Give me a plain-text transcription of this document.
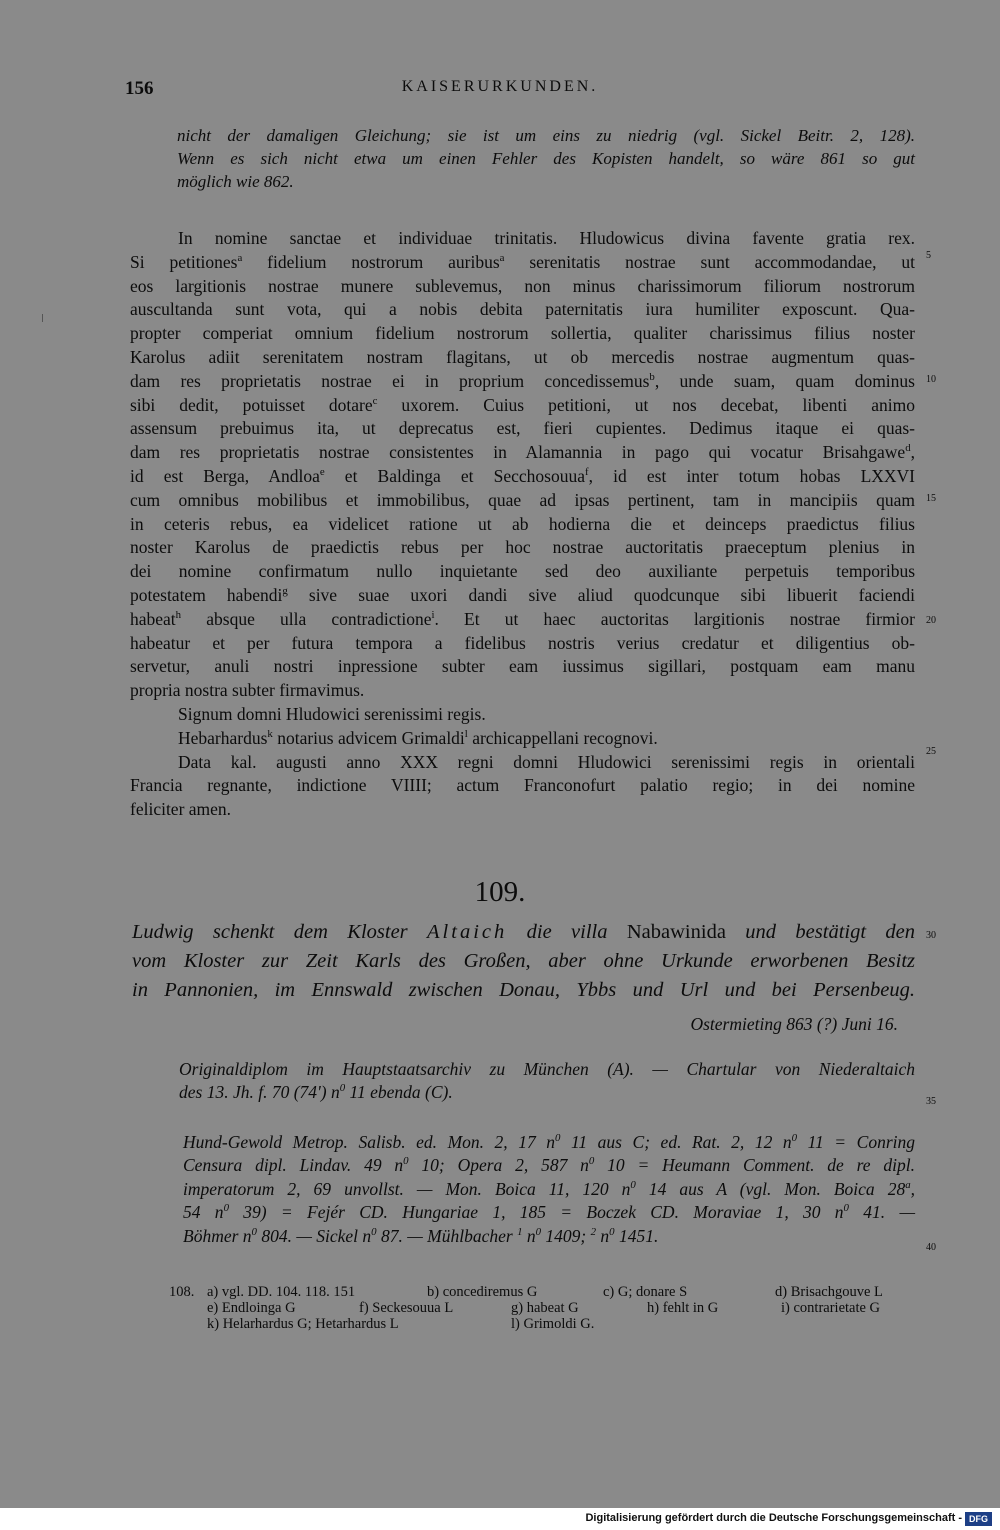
156	KAISERURKUNDEN.
nicht der damaligen Gleichung; sie ist um eins zu niedrig (vgl. Sickel Beitr. 2, 128).
Wenn es sich nicht etwa um einen Fehler des Kopisten handelt, so wäre 861 so gut
möglich wie 862.
In nomine sanctae et individuae trinitatis. Hludowicus divina favente gratia rex.
Si petitiones$^a$ fidelium nostrorum auribus$^a$ serenitatis nostrae sunt accommodandae, ut
eos largitionis nostrae munere sublevemus, non minus charissimorum filiorum nostrorum
auscultanda sunt vota, qui a nobis debita paternitatis iura humiliter exposcunt. Qua-
propter comperiat omnium fidelium nostrorum sollertia, qualiter charissimus filius noster
Karolus adiit serenitatem nostram flagitans, ut ob mercedis nostrae augmentum quas-
dam res proprietatis nostrae ei in proprium concedissemus$^b$, unde suam, quam dominus
sibi dedit, potuisset dotare$^c$ uxorem. Cuius petitioni, ut nos decebat, libenti animo
assensum prebuimus ita, ut deprecatus est, fieri cupientes. Dedimus itaque ei quas-
dam res proprietatis nostrae consistentes in Alamannia in pago qui vocatur Brisahgawe$^d$,
id est Berga, Andloa$^e$ et Baldinga et Secchosouua$^f$, id est inter totum hobas LXXVI
cum omnibus mobilibus et immobilibus, quae ad ipsas pertinent, tam in mancipiis quam
in ceteris rebus, ea videlicet ratione ut ab hodierna die et deinceps praedictus filius
noster Karolus de praedictis rebus per hoc nostrae auctoritatis praeceptum plenius in
dei nomine confirmatum nullo inquietante sed deo auxiliante perpetuis temporibus
potestatem habendi$^g$ sive suae uxori dandi sive aliud quodcunque sibi libuerit faciendi
habeat$^h$ absque ulla contradictione$^i$. Et ut haec auctoritas largitionis nostrae firmior
habeatur et per futura tempora a fidelibus nostris verius credatur et diligentius ob-
servetur, anuli nostri inpressione subter eam iussimus sigillari, postquam eam manu
propria nostra subter firmavimus.
Signum domni Hludowici serenissimi regis.
Hebarhardus$^k$ notarius advicem Grimaldi$^l$ archicappellani recognovi.
Data kal. augusti anno XXX regni domni Hludowici serenissimi regis in orientali
Francia regnante, indictione VIIII; actum Franconofurt palatio regio; in dei nomine
feliciter amen.
5
10
15
20
25
30
35
40
109.
Ludwig schenkt dem Kloster Altaich die villa Nabawinida und bestätigt den
vom Kloster zur Zeit Karls des Großen, aber ohne Urkunde erworbenen Besitz
in Pannonien, im Ennswald zwischen Donau, Ybbs und Url und bei Persenbeug.
Ostermieting 863 (?) Juni 16.
Originaldiplom im Hauptstaatsarchiv zu München (A). — Chartular von Niederaltaich
des 13. Jh. f. 70 (74') $n^0$ 11 ebenda (C).
Hund-Gewold Metrop. Salisb. ed. Mon. 2, 17 $n^0$ 11 aus C; ed. Rat. 2, 12 $n^0$ 11 = Conring
Censura dipl. Lindav. 49 $n^0$ 10; Opera 2, 587 $n^0$ 10 = Heumann Comment. de re dipl.
imperatorum 2, 69 unvollst. — Mon. Boica 11, 120 $n^0$ 14 aus A (vgl. Mon. Boica 28$^a$,
54 $n^0$ 39) = Fejér CD. Hungariae 1, 185 = Boczek CD. Moraviae 1, 30 $n^0$ 41. —
Böhmer $n^0$ 804. — Sickel $n^0$ 87. — Mühlbacher $^1$ $n^0$ 1409; $^2$ $n^0$ 1451.
108. a) vgl. DD. 104. 118. 151	b) concediremus G	c) G; donare S	d) Brisachgouve L
e) Endloinga G	f) Seckesouua L	g) habeat G	h) fehlt in G	i) contrarietate G
k) Helarhardus G; Hetarhardus L	l) Grimoldi G.
Digitalisierung gefördert durch die Deutsche Forschungsgemeinschaft - DFG
